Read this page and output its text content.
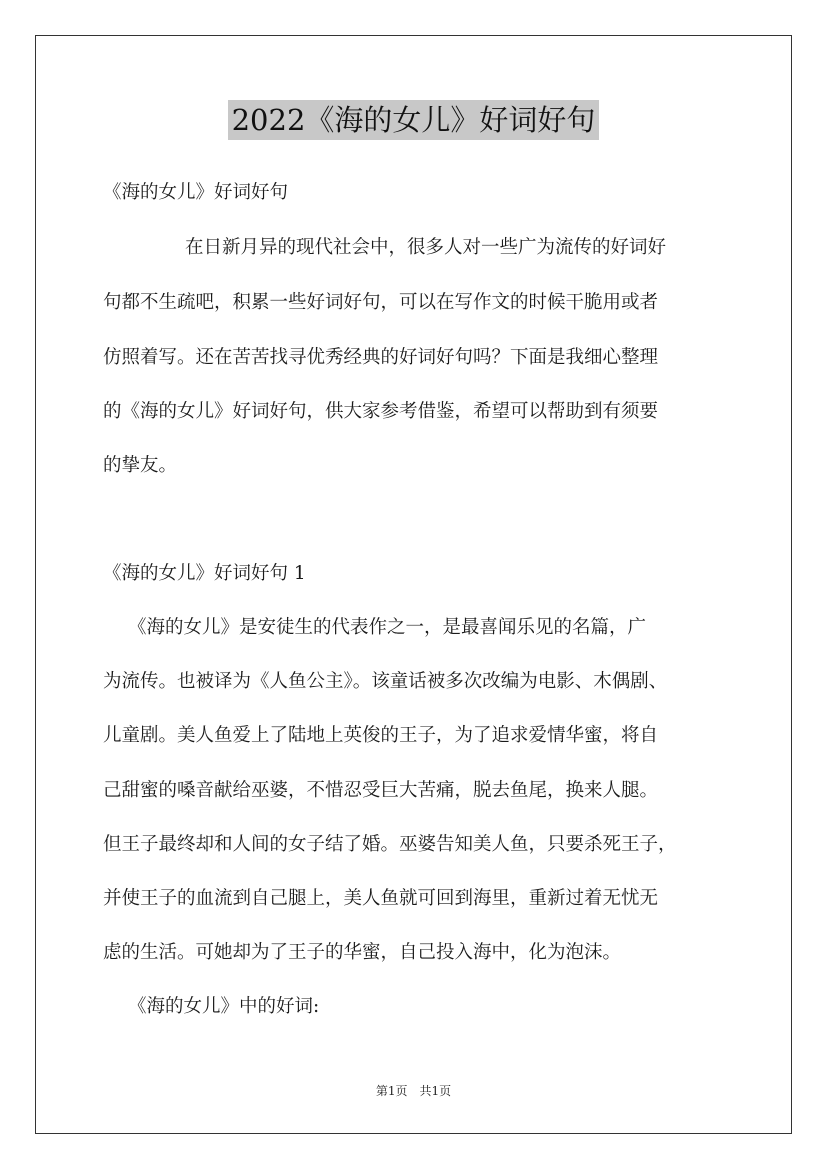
2022《海的女儿》好词好句
《海的女儿》好词好句
在日新月异的现代社会中，很多人对一些广为流传的好词好
句都不生疏吧，积累一些好词好句，可以在写作文的时候干脆用或者
仿照着写。还在苦苦找寻优秀经典的好词好句吗？下面是我细心整理
的《海的女儿》好词好句，供大家参考借鉴，希望可以帮助到有须要
的挚友。
《海的女儿》好词好句 1
《海的女儿》是安徒生的代表作之一，是最喜闻乐见的名篇，广
为流传。也被译为《人鱼公主》。该童话被多次改编为电影、木偶剧、
儿童剧。美人鱼爱上了陆地上英俊的王子，为了追求爱情华蜜，将自
己甜蜜的嗓音献给巫婆，不惜忍受巨大苦痛，脱去鱼尾，换来人腿。
但王子最终却和人间的女子结了婚。巫婆告知美人鱼，只要杀死王子，
并使王子的血流到自己腿上，美人鱼就可回到海里，重新过着无忧无
虑的生活。可她却为了王子的华蜜，自己投入海中，化为泡沫。
《海的女儿》中的好词:
第1页　共1页
